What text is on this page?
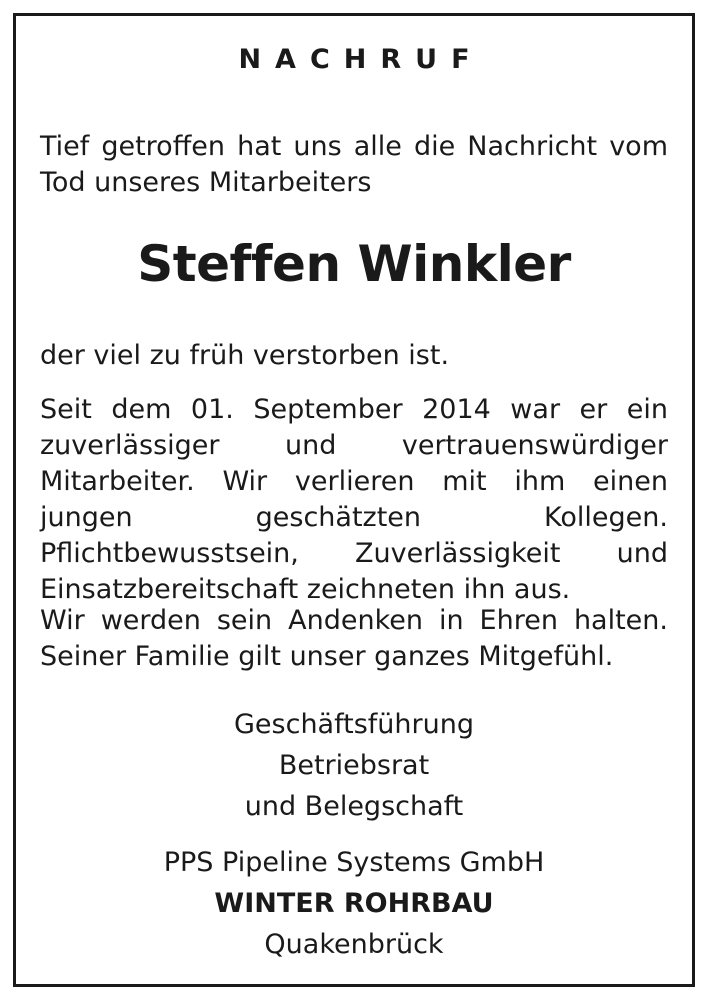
NACHRUF

Tief getroffen hat uns alle die Nachricht vom Tod unseres Mitarbeiters

Steffen Winkler

der viel zu früh verstorben ist.

Seit dem 01. September 2014 war er ein zuverlässiger und vertrauenswürdiger Mitarbeiter. Wir verlieren mit ihm einen jungen geschätzten Kollegen. Pflichtbewusstsein, Zuverlässigkeit und Einsatzbereitschaft zeichneten ihn aus.

Wir werden sein Andenken in Ehren halten. Seiner Familie gilt unser ganzes Mitgefühl.

Geschäftsführung
Betriebsrat
und Belegschaft
PPS Pipeline Systems GmbH
WINTER ROHRBAU
Quakenbrück
